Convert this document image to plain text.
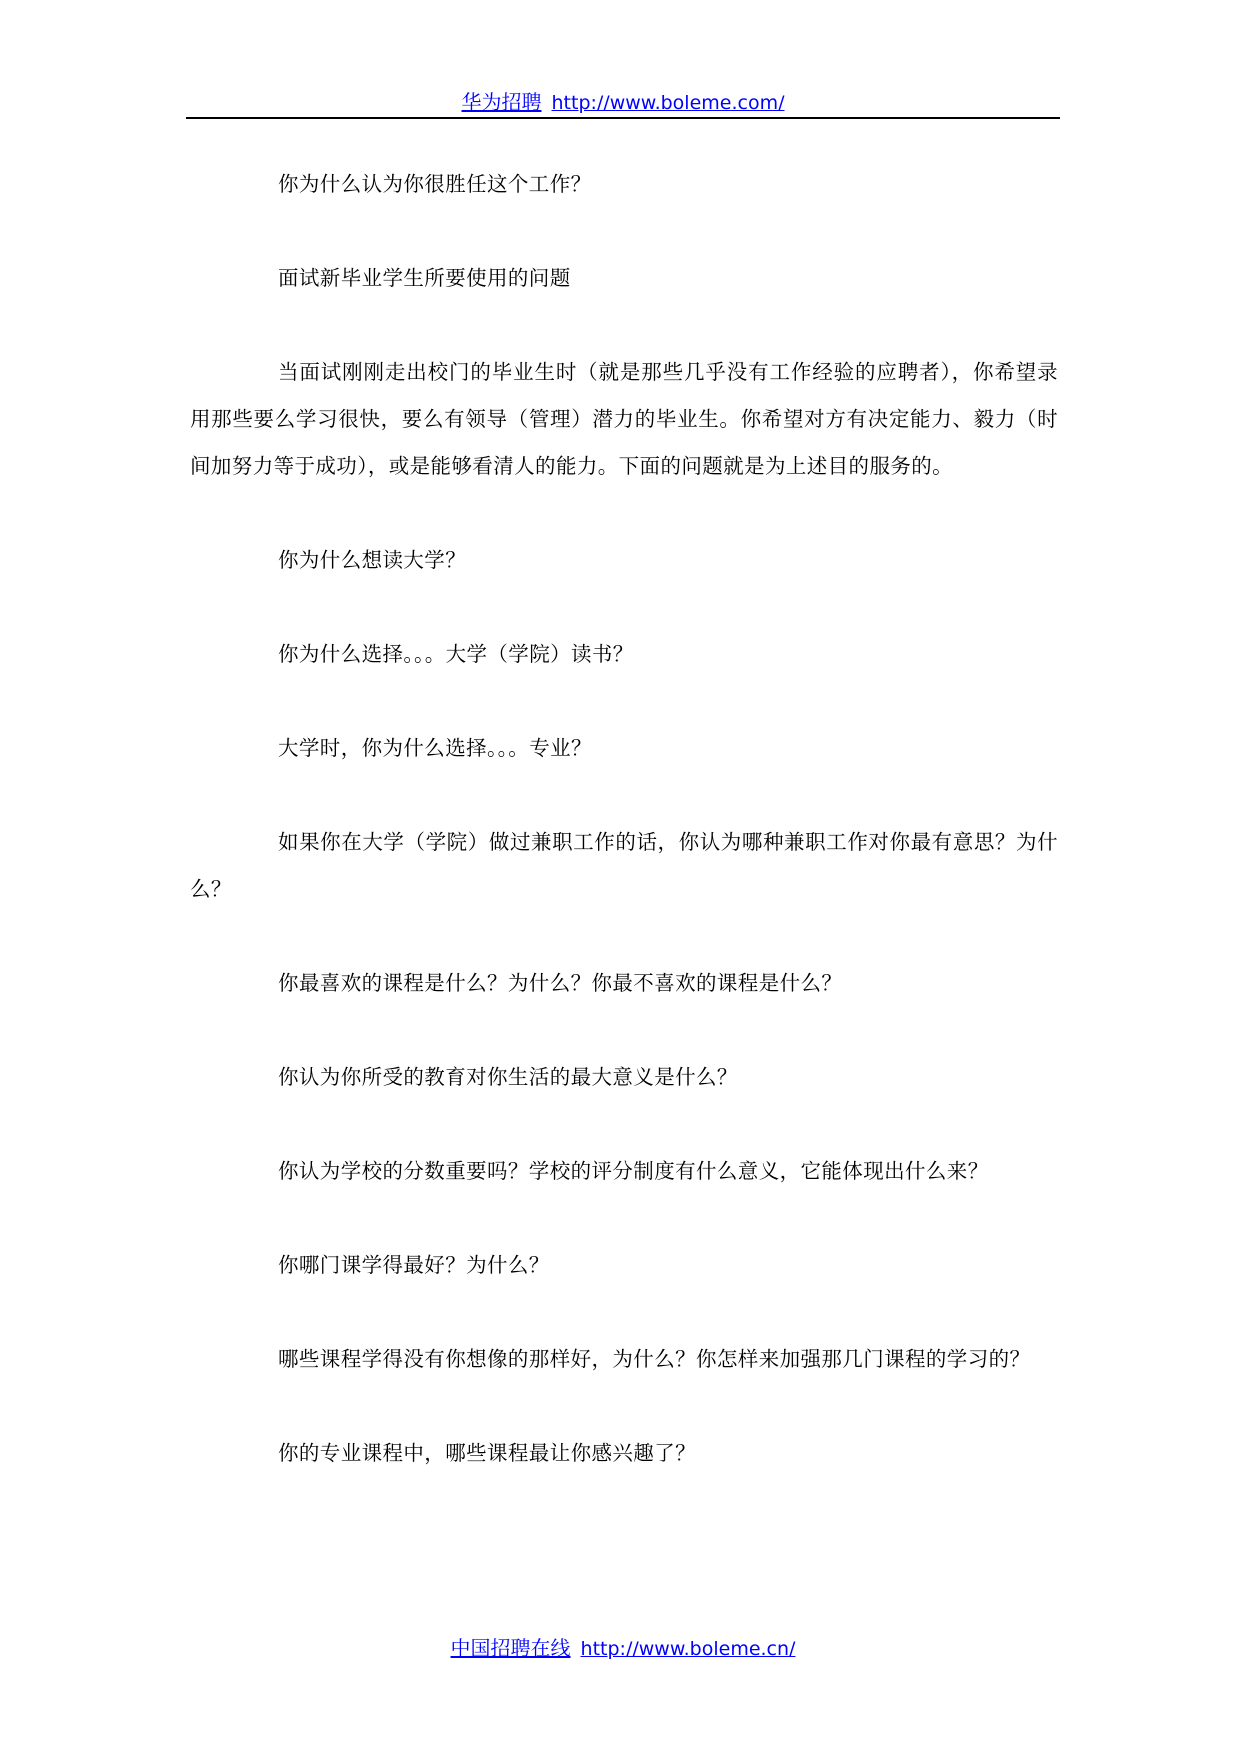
华为招聘 http://www.boleme.com/

你为什么认为你很胜任这个工作？

面试新毕业学生所要使用的问题

当面试刚刚走出校门的毕业生时（就是那些几乎没有工作经验的应聘者），你希望录用那些要么学习很快，要么有领导（管理）潜力的毕业生。你希望对方有决定能力、毅力（时间加努力等于成功），或是能够看清人的能力。下面的问题就是为上述目的服务的。

你为什么想读大学？

你为什么选择。。。大学（学院）读书？

大学时，你为什么选择。。。专业？

如果你在大学（学院）做过兼职工作的话，你认为哪种兼职工作对你最有意思？为什么？

你最喜欢的课程是什么？为什么？你最不喜欢的课程是什么？

你认为你所受的教育对你生活的最大意义是什么？

你认为学校的分数重要吗？学校的评分制度有什么意义，它能体现出什么来？

你哪门课学得最好？为什么？

哪些课程学得没有你想像的那样好，为什么？你怎样来加强那几门课程的学习的？

你的专业课程中，哪些课程最让你感兴趣了？

中国招聘在线 http://www.boleme.cn/
